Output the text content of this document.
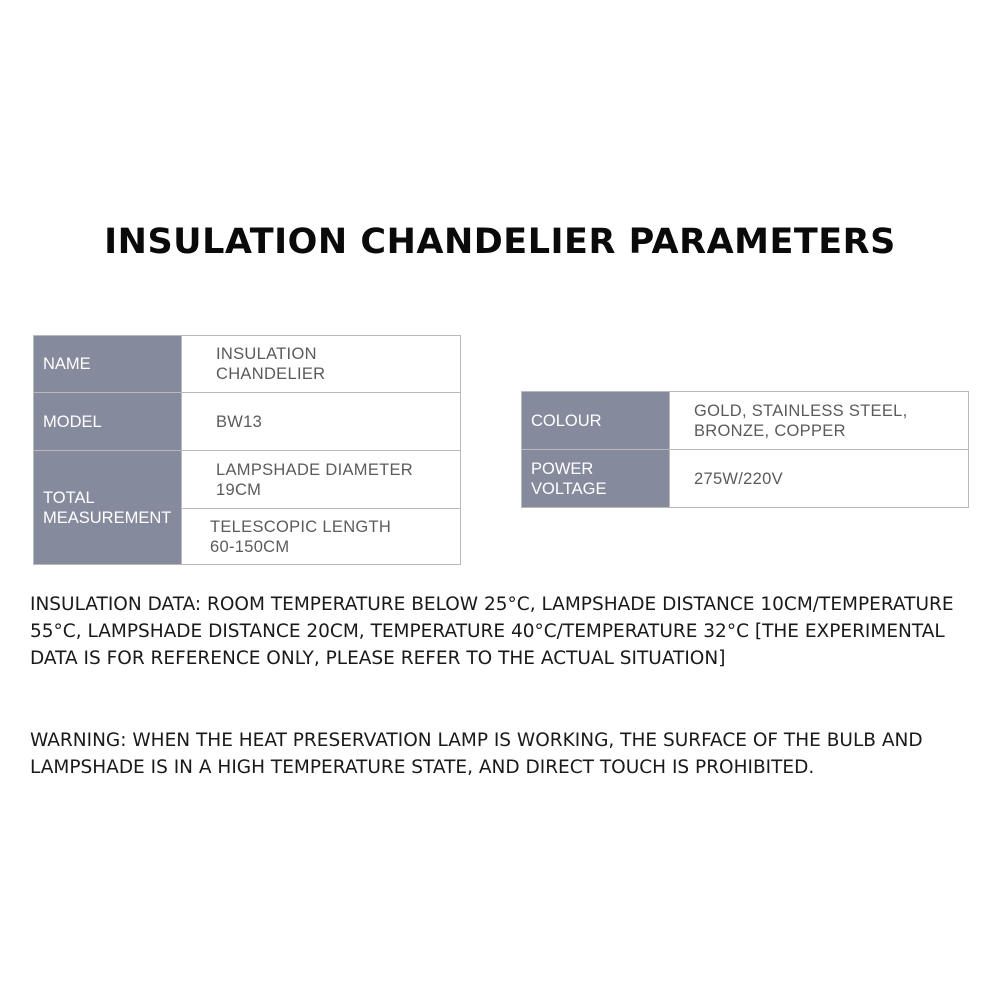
INSULATION CHANDELIER PARAMETERS
NAME	INSULATION
CHANDELIER

MODEL	BW13

TOTAL
MEASUREMENT	LAMPSHADE DIAMETER
19CM

	TELESCOPIC LENGTH
60-150CM
COLOUR	GOLD, STAINLESS STEEL,
BRONZE, COPPER

POWER
VOLTAGE	275W/220V

INSULATION DATA: ROOM TEMPERATURE BELOW 25°C, LAMPSHADE DISTANCE 10CM/TEMPERATURE 55°C, LAMPSHADE DISTANCE 20CM, TEMPERATURE 40°C/TEMPERATURE 32°C [THE EXPERIMENTAL DATA IS FOR REFERENCE ONLY, PLEASE REFER TO THE ACTUAL SITUATION]

WARNING: WHEN THE HEAT PRESERVATION LAMP IS WORKING, THE SURFACE OF THE BULB AND LAMPSHADE IS IN A HIGH TEMPERATURE STATE, AND DIRECT TOUCH IS PROHIBITED.
